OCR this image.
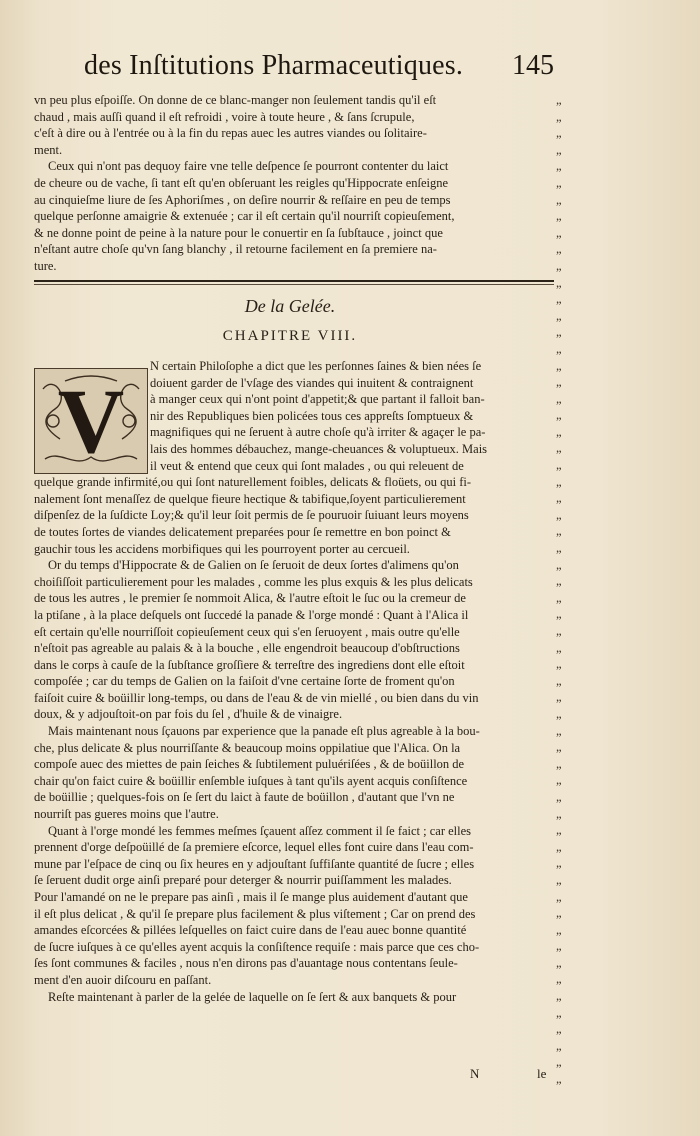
des Inſtitutions Pharmaceutiques. 145
vn peu plus eſpoiſſe. On donne de ce blanc-manger non ſeulement tandis qu'il eſt
chaud , mais auſſi quand il eſt refroidi , voire à toute heure , & ſans ſcrupule,
c'eſt à dire ou à l'entrée ou à la fin du repas auec les autres viandes ou ſolitaire-
ment.
Ceux qui n'ont pas dequoy faire vne telle deſpence ſe pourront contenter du laict
de cheure ou de vache, ſi tant eſt qu'en obſeruant les reigles qu'Hippocrate enſeigne
au cinquieſme liure de ſes Aphoriſmes , on deſire nourrir & reſſaire en peu de temps
quelque perſonne amaigrie & extenuée ; car il eſt certain qu'il nourriſt copieuſement,
& ne donne point de peine à la nature pour le conuertir en ſa ſubſtauce , joinct que
n'eſtant autre choſe qu'vn ſang blanchy , il retourne facilement en ſa premiere na-
ture.
De la Gelée.
CHAPITRE VIII.
V
N certain Philoſophe a dict que les perſonnes ſaines & bien nées ſe
doiuent garder de l'vſage des viandes qui inuitent & contraignent
à manger ceux qui n'ont point d'appetit;& que partant il falloit ban-
nir des Republiques bien policées tous ces appreſts ſomptueux &
magnifiques qui ne ſeruent à autre choſe qu'à irriter & agaçer le pa-
lais des hommes débauchez, mange-cheuances & voluptueux. Mais
il veut & entend que ceux qui ſont malades , ou qui releuent de
quelque grande infirmité,ou qui ſont naturellement foibles, delicats & floüets, ou qui fi-
nalement ſont menaſſez de quelque fieure hectique & tabifique,ſoyent particulierement
diſpenſez de la ſuſdicte Loy;& qu'il leur ſoit permis de ſe pouruoir ſuiuant leurs moyens
de toutes ſortes de viandes delicatement preparées pour ſe remettre en bon poinct &
gauchir tous les accidens morbifiques qui les pourroyent porter au cercueil.
Or du temps d'Hippocrate & de Galien on ſe ſeruoit de deux ſortes d'alimens qu'on
choiſiſſoit particulierement pour les malades , comme les plus exquis & les plus delicats
de tous les autres , le premier ſe nommoit Alica, & l'autre eſtoit le ſuc ou la cremeur de
la ptiſane , à la place deſquels ont ſuccedé la panade & l'orge mondé : Quant à l'Alica il
eſt certain qu'elle nourriſſoit copieuſement ceux qui s'en ſeruoyent , mais outre qu'elle
n'eſtoit pas agreable au palais & à la bouche , elle engendroit beaucoup d'obſtructions
dans le corps à cauſe de la ſubſtance groſſiere & terreſtre des ingrediens dont elle eſtoit
compoſée ; car du temps de Galien on la faiſoit d'vne certaine ſorte de froment qu'on
faiſoit cuire & boüillir long-temps, ou dans de l'eau & de vin miellé , ou bien dans du vin
doux, & y adjouſtoit-on par fois du ſel , d'huile & de vinaigre.
Mais maintenant nous ſçauons par experience que la panade eſt plus agreable à la bou-
che, plus delicate & plus nourriſſante & beaucoup moins oppilatiue que l'Alica. On la
compoſe auec des miettes de pain ſeiches & ſubtilement puluériſées , & de boüillon de
chair qu'on faict cuire & boüillir enſemble iuſques à tant qu'ils ayent acquis conſiſtence
de boüillie ; quelques-fois on ſe ſert du laict à faute de boüillon , d'autant que l'vn ne
nourriſt pas gueres moins que l'autre.
Quant à l'orge mondé les femmes meſmes ſçauent aſſez comment il ſe faict ; car elles
prennent d'orge deſpoüillé de ſa premiere eſcorce, lequel elles font cuire dans l'eau com-
mune par l'eſpace de cinq ou ſix heures en y adjouſtant ſuffiſante quantité de ſucre ; elles
ſe ſeruent dudit orge ainſi preparé pour deterger & nourrir puiſſamment les malades.
Pour l'amandé on ne le prepare pas ainſi , mais il ſe mange plus auidement d'autant que
il eſt plus delicat , & qu'il ſe prepare plus facilement & plus viſtement ; Car on prend des
amandes eſcorcées & pillées leſquelles on faict cuire dans de l'eau auec bonne quantité
de ſucre iuſques à ce qu'elles ayent acquis la conſiſtence requiſe : mais parce que ces cho-
ſes ſont communes & faciles , nous n'en dirons pas d'auantage nous contentans ſeule-
ment d'en auoir diſcouru en paſſant.
Reſte maintenant à parler de la gelée de laquelle on ſe ſert & aux banquets & pour
„
„
„
„
„
„
„
„
„
„
„
„
„
„
„
„
„
„
„
„
„
„
„
„
„
„
„
„
„
„
„
„
„
„
„
„
„
„
„
„
„
„
„
„
„
„
„
„
„
„
„
„
„
„
„
„
„
„
„
„
N	le
